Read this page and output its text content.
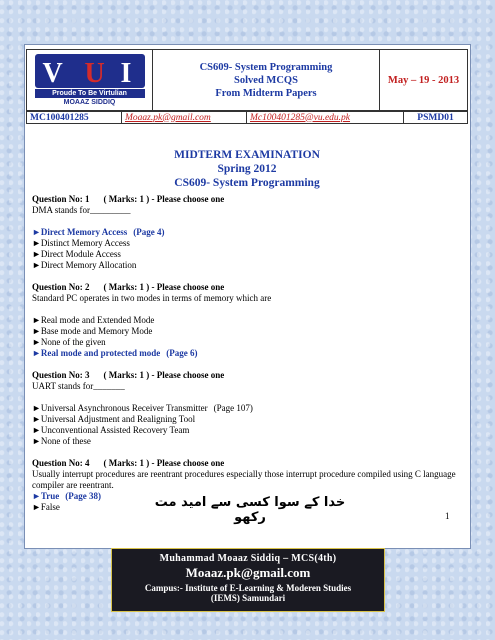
V U I
Proude To Be Virtulian
MOAAZ SIDDIQ

CS609- System Programming
Solved MCQS
From Midterm Papers
	May – 19 - 2013
MC100401285	Moaaz.pk@gmail.com	Mc100401285@vu.edu.pk	PSMD01
MIDTERM EXAMINATION
Spring 2012
CS609- System Programming
Question No: 1 ( Marks: 1 ) - Please choose one
DMA stands for_________
►Direct Memory Access (Page 4)
►Distinct Memory Access
►Direct Module Access
►Direct Memory Allocation
Question No: 2 ( Marks: 1 ) - Please choose one
Standard PC operates in two modes in terms of memory which are
►Real mode and Extended Mode
►Base mode and Memory Mode
►None of the given
►Real mode and protected mode (Page 6)
Question No: 3 ( Marks: 1 ) - Please choose one
UART stands for_______
►Universal Asynchronous Receiver Transmitter (Page 107)
►Universal Adjustment and Realigning Tool
►Unconventional Assisted Recovery Team
►None of these
Question No: 4 ( Marks: 1 ) - Please choose one
Usually interrupt procedures are reentrant procedures especially those interrupt procedure compiled using C language compiler are reentrant.
►True (Page 38)
►False	خدا کے سوا کسی سے امید مت رکھو	1
Muhammad Moaaz Siddiq – MCS(4th)
Moaaz.pk@gmail.com
Campus:- Institute of E-Learning & Moderen Studies
(IEMS) Samundari
